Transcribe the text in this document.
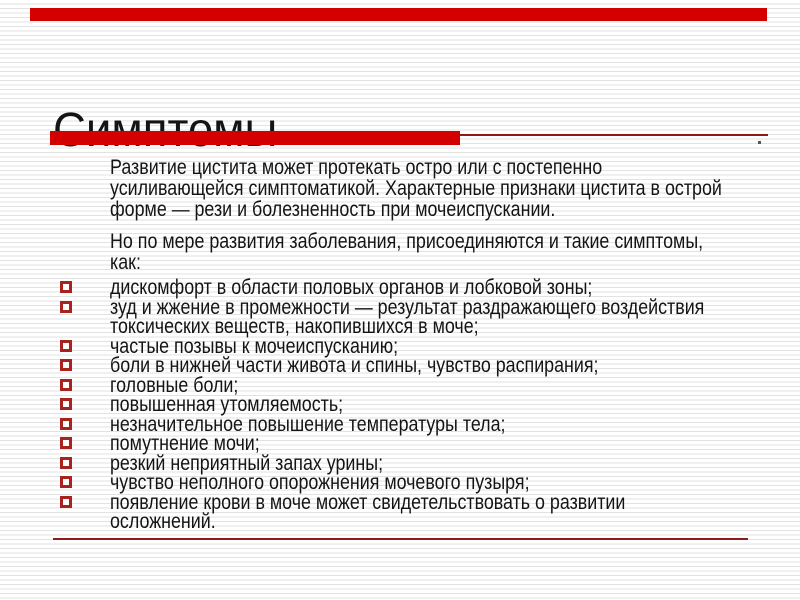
Развитие цистита может протекать остро или с постепенно усиливающейся симптоматикой. Характерные признаки цистита в острой форме — рези и болезненность при мочеиспускании.

Но по мере развития заболевания, присоединяются и такие симптомы, как:

дискомфорт в области половых органов и лобковой зоны;
зуд и жжение в промежности — результат раздражающего воздействия токсических веществ, накопившихся в моче;
частые позывы к мочеиспусканию;
боли в нижней части живота и спины, чувство распирания;
головные боли;
повышенная утомляемость;
незначительное повышение температуры тела;
помутнение мочи;
резкий неприятный запах урины;
чувство неполного опорожнения мочевого пузыря;
появление крови в моче может свидетельствовать о развитии осложнений.
